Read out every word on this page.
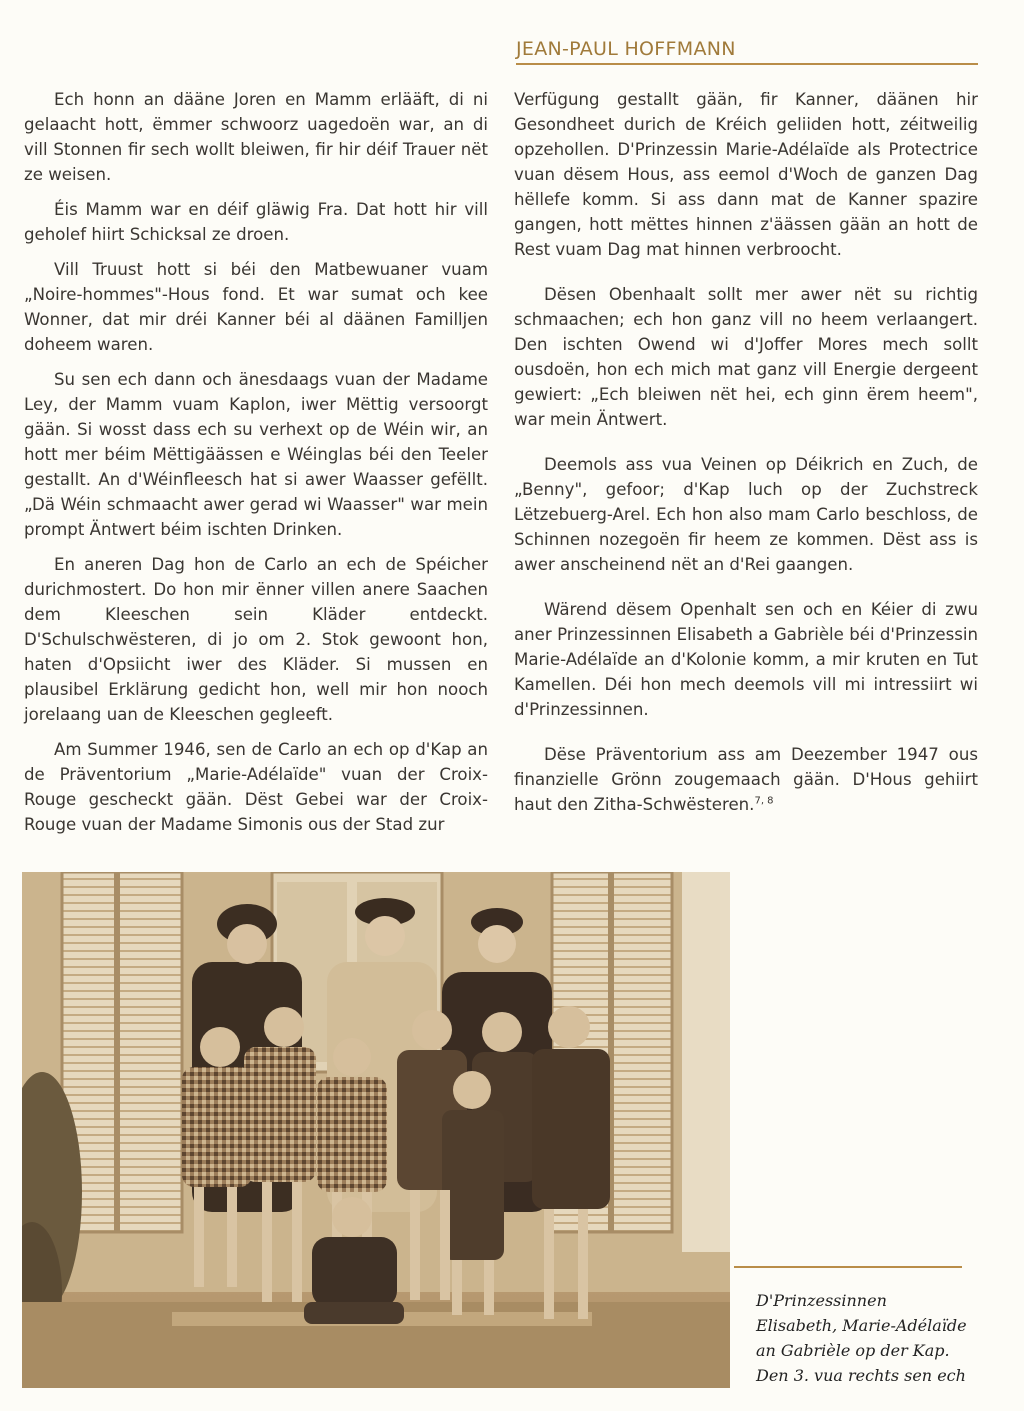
JEAN-PAUL HOFFMANN

Ech honn an dääne Joren en Mamm erlääft, di ni gelaacht hott, ëmmer schwoorz uagedoën war, an di vill Stonnen fir sech wollt bleiwen, fir hir déif Trauer nët ze weisen.

Éis Mamm war en déif gläwig Fra. Dat hott hir vill geholef hiirt Schicksal ze droen.

Vill Truust hott si béi den Matbewuaner vuam „Noire-hommes"-Hous fond. Et war sumat och kee Wonner, dat mir dréi Kanner béi al däänen Familljen doheem waren.

Su sen ech dann och änesdaags vuan der Madame Ley, der Mamm vuam Kaplon, iwer Mëttig versoorgt gään. Si wosst dass ech su verhext op de Wéin wir, an hott mer béim Mëttigäässen e Wéinglas béi den Teeler gestallt. An d'Wéinfleesch hat si awer Waasser gefëllt. „Dä Wéin schmaacht awer gerad wi Waasser" war mein prompt Äntwert béim ischten Drinken.

En aneren Dag hon de Carlo an ech de Spéicher durichmostert. Do hon mir ënner villen anere Saachen dem Kleeschen sein Kläder entdeckt. D'Schulschwësteren, di jo om 2. Stok gewoont hon, haten d'Opsiicht iwer des Kläder. Si mussen en plausibel Erklärung gedicht hon, well mir hon nooch jorelaang uan de Kleeschen gegleeft.

Am Summer 1946, sen de Carlo an ech op d'Kap an de Präventorium „Marie-Adélaïde" vuan der Croix-Rouge gescheckt gään. Dëst Gebei war der Croix-Rouge vuan der Madame Simonis ous der Stad zur

Verfügung gestallt gään, fir Kanner, däänen hir Gesondheet durich de Kréich geliiden hott, zéitweilig opzehollen. D'Prinzessin Marie-Adélaïde als Protectrice vuan dësem Hous, ass eemol d'Woch de ganzen Dag hëllefe komm. Si ass dann mat de Kanner spazire gangen, hott mëttes hinnen z'äässen gään an hott de Rest vuam Dag mat hinnen verbroocht.

Dësen Obenhaalt sollt mer awer nët su richtig schmaachen; ech hon ganz vill no heem verlaangert. Den ischten Owend wi d'Joffer Mores mech sollt ousdoën, hon ech mich mat ganz vill Energie dergeent gewiert: „Ech bleiwen nët hei, ech ginn ërem heem", war mein Äntwert.

Deemols ass vua Veinen op Déikrich en Zuch, de „Benny", gefoor; d'Kap luch op der Zuchstreck Lëtzebuerg-Arel. Ech hon also mam Carlo beschloss, de Schinnen nozegoën fir heem ze kommen. Dëst ass is awer anscheinend nët an d'Rei gaangen.

Wärend dësem Openhalt sen och en Kéier di zwu aner Prinzessinnen Elisabeth a Gabrièle béi d'Prinzessin Marie-Adélaïde an d'Kolonie komm, a mir kruten en Tut Kamellen. Déi hon mech deemols vill mi intressiirt wi d'Prinzessinnen.

Dëse Präventorium ass am Deezember 1947 ous finanzielle Grönn zougemaach gään. D'Hous gehiirt haut den Zitha-Schwësteren.$^{7, 8}$

D'Prinzessinnen
Elisabeth, Marie-Adélaïde
an Gabrièle op der Kap.
Den 3. vua rechts sen ech
